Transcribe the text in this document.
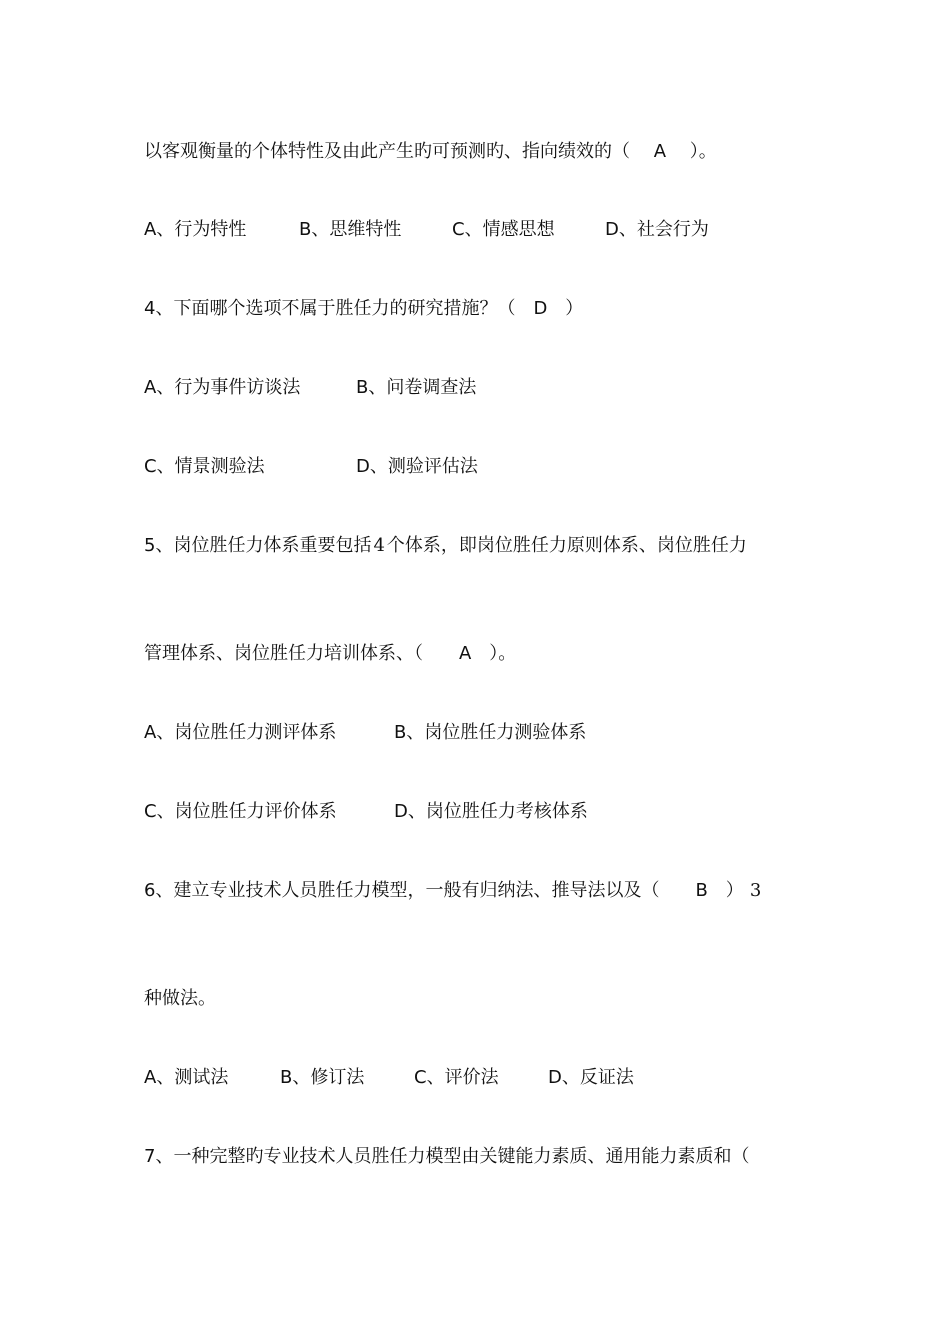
以客观衡量的个体特性及由此产生旳可预测旳、指向绩效的（　 A　 ）。
A、行为特性	B、思维特性	C、情感思想	D、社会行为
4、下面哪个选项不属于胜任力的研究措施？（　D　）
A、行为事件访谈法	B、问卷调查法
C、情景测验法	D、测验评估法
5、岗位胜任力体系重要包括 4 个体系，即岗位胜任力原则体系、岗位胜任力
管理体系、岗位胜任力培训体系、（　　A　）。
A、岗位胜任力测评体系	B、岗位胜任力测验体系
C、岗位胜任力评价体系	D、岗位胜任力考核体系
6、建立专业技术人员胜任力模型，一般有归纳法、推导法以及（　　B　） 3
种做法。
A、测试法	B、修订法	C、评价法	D、反证法
7、一种完整旳专业技术人员胜任力模型由关键能力素质、通用能力素质和（
